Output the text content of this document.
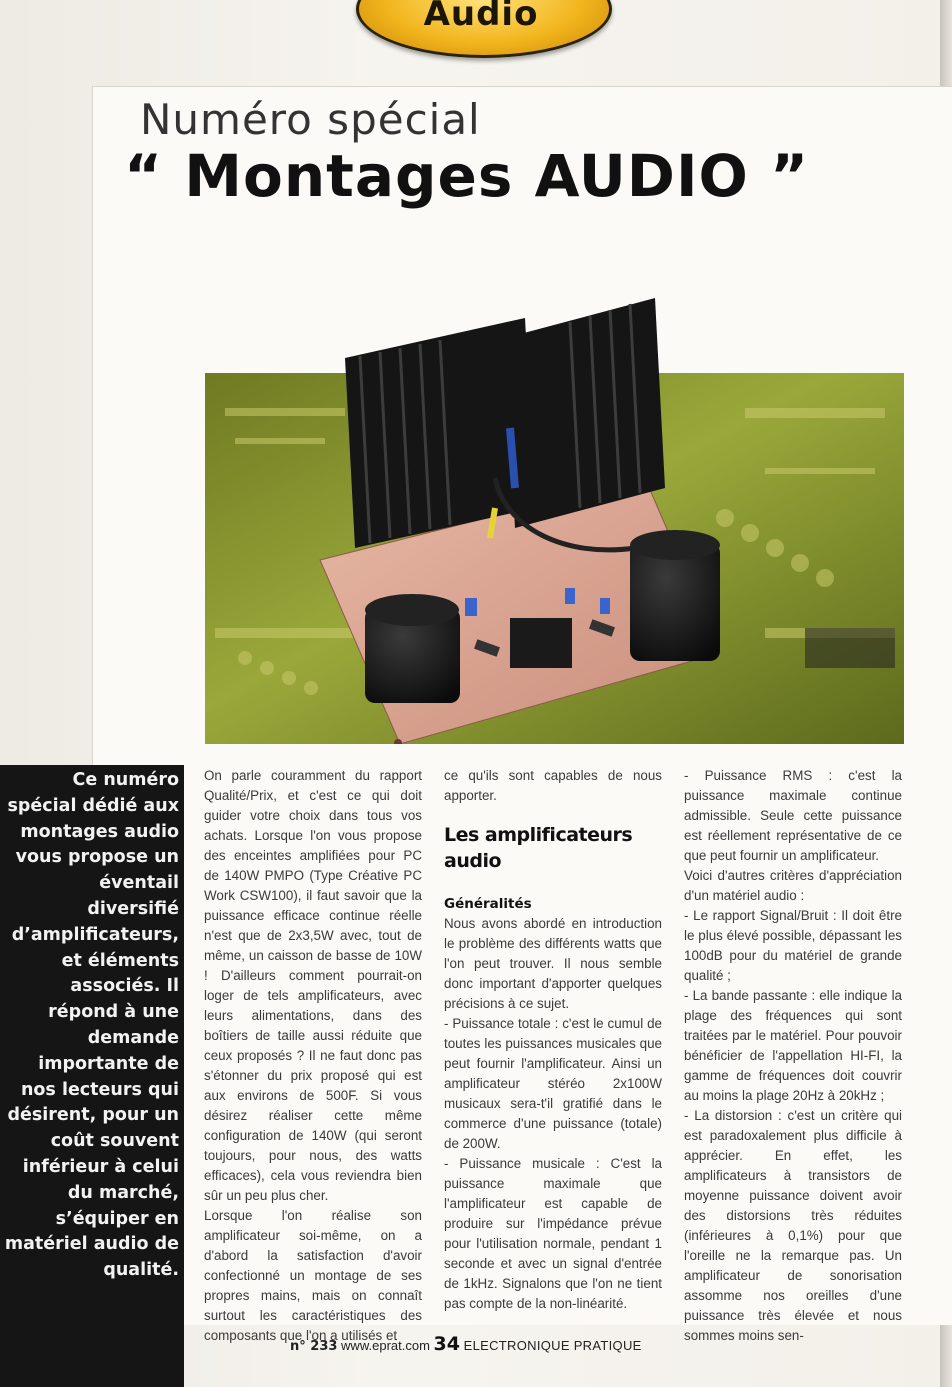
Audio
Numéro spécial
“ Montages AUDIO ”
Ce numéro spécial dédié aux montages audio vous propose un éventail diversifié d’amplificateurs, et éléments associés. Il répond à une demande importante de nos lecteurs qui désirent, pour un coût souvent inférieur à celui du marché, s’équiper en matériel audio de qualité.

On parle couramment du rapport Qualité/Prix, et c'est ce qui doit guider votre choix dans tous vos achats. Lorsque l'on vous propose des enceintes amplifiées pour PC de 140W PMPO (Type Créative PC Work CSW100), il faut savoir que la puissance efficace continue réelle n'est que de 2x3,5W avec, tout de même, un caisson de basse de 10W ! D'ailleurs comment pourrait-on loger de tels amplificateurs, avec leurs alimentations, dans des boîtiers de taille aussi réduite que ceux proposés ? Il ne faut donc pas s'étonner du prix proposé qui est aux environs de 500F. Si vous désirez réaliser cette même configuration de 140W (qui seront toujours, pour nous, des watts efficaces), cela vous reviendra bien sûr un peu plus cher.

Lorsque l'on réalise son amplificateur soi-même, on a d'abord la satisfaction d'avoir confectionné un montage de ses propres mains, mais on connaît surtout les caractéristiques des composants que l'on a utilisés et

ce qu'ils sont capables de nous apporter.

Les amplificateurs audio

Généralités

Nous avons abordé en introduction le problème des différents watts que l'on peut trouver. Il nous semble donc important d'apporter quelques précisions à ce sujet.

- Puissance totale : c'est le cumul de toutes les puissances musicales que peut fournir l'amplificateur. Ainsi un amplificateur stéréo 2x100W musicaux sera-t'il gratifié dans le commerce d'une puissance (totale) de 200W.

- Puissance musicale : C'est la puissance maximale que l'amplificateur est capable de produire sur l'impédance prévue pour l'utilisation normale, pendant 1 seconde et avec un signal d'entrée de 1kHz. Signalons que l'on ne tient pas compte de la non-linéarité.

- Puissance RMS : c'est la puissance maximale continue admissible. Seule cette puissance est réellement représentative de ce que peut fournir un amplificateur.

Voici d'autres critères d'appréciation d'un matériel audio :

- Le rapport Signal/Bruit : Il doit être le plus élevé possible, dépassant les 100dB pour du matériel de grande qualité ;

- La bande passante : elle indique la plage des fréquences qui sont traitées par le matériel. Pour pouvoir bénéficier de l'appellation HI-FI, la gamme de fréquences doit couvrir au moins la plage 20Hz à 20kHz ;

- La distorsion : c'est un critère qui est paradoxalement plus difficile à apprécier. En effet, les amplificateurs à transistors de moyenne puissance doivent avoir des distorsions très réduites (inférieures à 0,1%) pour que l'oreille ne la remarque pas. Un amplificateur de sonorisation assomme nos oreilles d'une puissance très élevée et nous sommes moins sen-

n° 233 www.eprat.com 34 ELECTRONIQUE PRATIQUE
